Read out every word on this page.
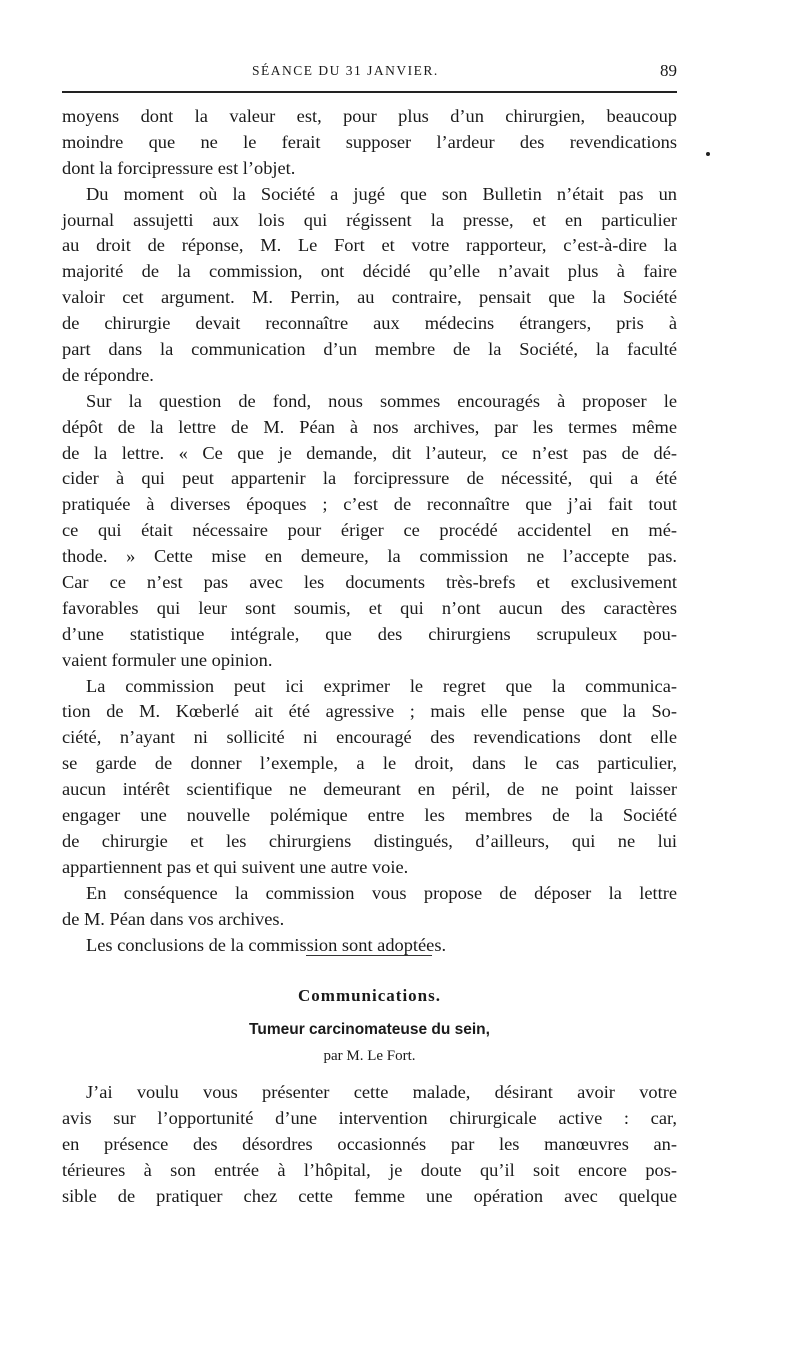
SÉANCE DU 31 JANVIER.	89
moyens dont la valeur est, pour plus d’un chirurgien, beaucoup
moindre que ne le ferait supposer l’ardeur des revendications
dont la forcipressure est l’objet.
Du moment où la Société a jugé que son Bulletin n’était pas un
journal assujetti aux lois qui régissent la presse, et en particulier
au droit de réponse, M. Le Fort et votre rapporteur, c’est-à-dire la
majorité de la commission, ont décidé qu’elle n’avait plus à faire
valoir cet argument. M. Perrin, au contraire, pensait que la Société
de chirurgie devait reconnaître aux médecins étrangers, pris à
part dans la communication d’un membre de la Société, la faculté
de répondre.
Sur la question de fond, nous sommes encouragés à proposer le
dépôt de la lettre de M. Péan à nos archives, par les termes même
de la lettre. « Ce que je demande, dit l’auteur, ce n’est pas de dé-
cider à qui peut appartenir la forcipressure de nécessité, qui a été
pratiquée à diverses époques ; c’est de reconnaître que j’ai fait tout
ce qui était nécessaire pour ériger ce procédé accidentel en mé-
thode. » Cette mise en demeure, la commission ne l’accepte pas.
Car ce n’est pas avec les documents très-brefs et exclusivement
favorables qui leur sont soumis, et qui n’ont aucun des caractères
d’une statistique intégrale, que des chirurgiens scrupuleux pou-
vaient formuler une opinion.
La commission peut ici exprimer le regret que la communica-
tion de M. Kœberlé ait été agressive ; mais elle pense que la So-
ciété, n’ayant ni sollicité ni encouragé des revendications dont elle
se garde de donner l’exemple, a le droit, dans le cas particulier,
aucun intérêt scientifique ne demeurant en péril, de ne point laisser
engager une nouvelle polémique entre les membres de la Société
de chirurgie et les chirurgiens distingués, d’ailleurs, qui ne lui
appartiennent pas et qui suivent une autre voie.
En conséquence la commission vous propose de déposer la lettre
de M. Péan dans vos archives.
Les conclusions de la commission sont adoptées.
Communications.
Tumeur carcinomateuse du sein,
par M. Le Fort.
J’ai voulu vous présenter cette malade, désirant avoir votre
avis sur l’opportunité d’une intervention chirurgicale active : car,
en présence des désordres occasionnés par les manœuvres an-
térieures à son entrée à l’hôpital, je doute qu’il soit encore pos-
sible de pratiquer chez cette femme une opération avec quelque
